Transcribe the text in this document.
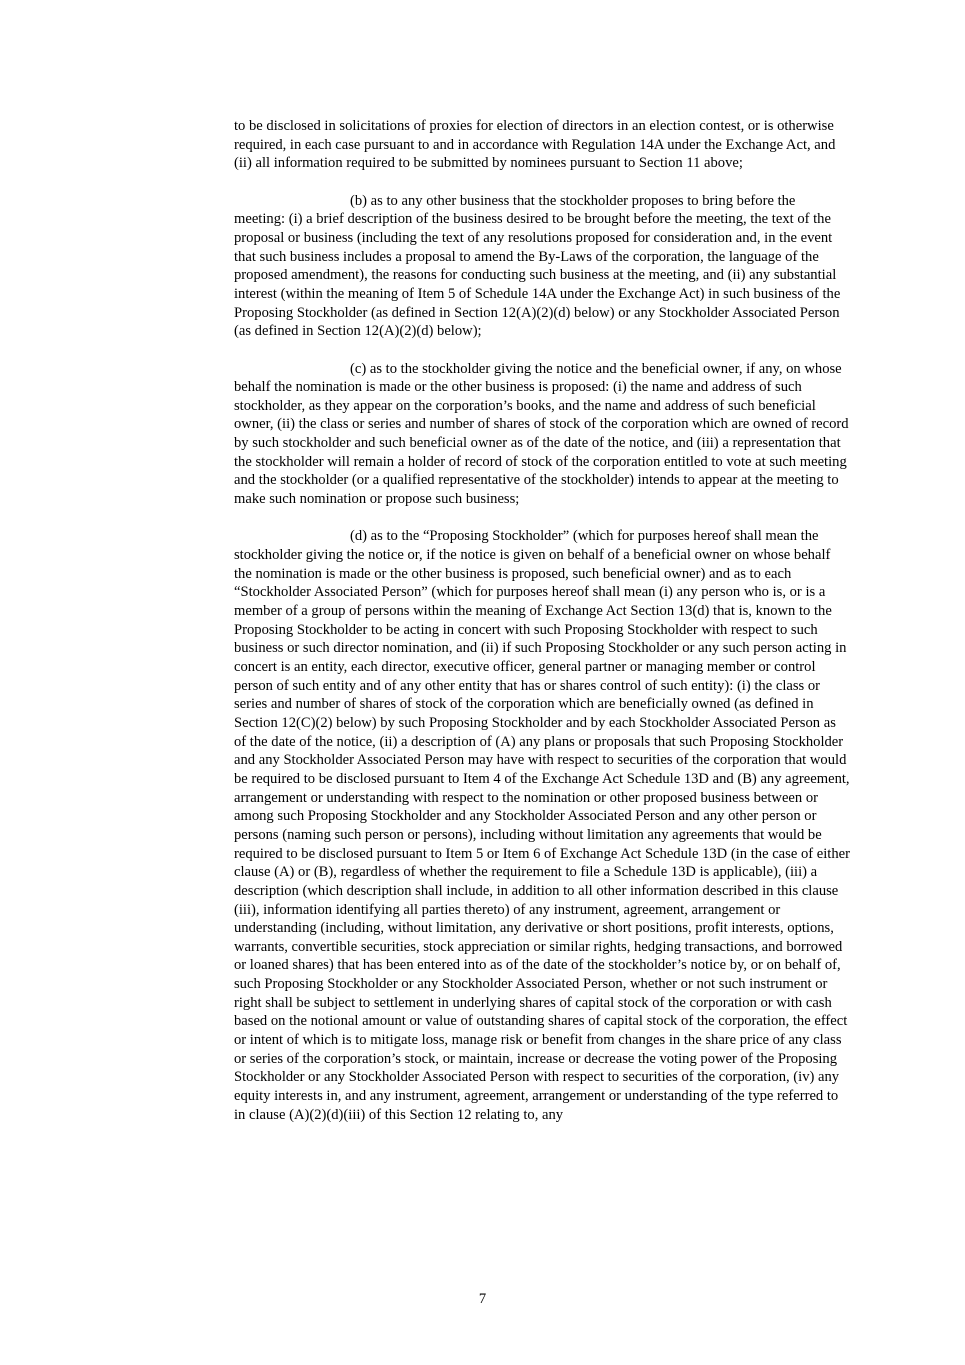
to be disclosed in solicitations of proxies for election of directors in an election contest, or is otherwise required, in each case pursuant to and in accordance with Regulation 14A under the Exchange Act, and (ii) all information required to be submitted by nominees pursuant to Section 11 above;

(b) as to any other business that the stockholder proposes to bring before the meeting: (i) a brief description of the business desired to be brought before the meeting, the text of the proposal or business (including the text of any resolutions proposed for consideration and, in the event that such business includes a proposal to amend the By-Laws of the corporation, the language of the proposed amendment), the reasons for conducting such business at the meeting, and (ii) any substantial interest (within the meaning of Item 5 of Schedule 14A under the Exchange Act) in such business of the Proposing Stockholder (as defined in Section 12(A)(2)(d) below) or any Stockholder Associated Person (as defined in Section 12(A)(2)(d) below);

(c) as to the stockholder giving the notice and the beneficial owner, if any, on whose behalf the nomination is made or the other business is proposed: (i) the name and address of such stockholder, as they appear on the corporation’s books, and the name and address of such beneficial owner, (ii) the class or series and number of shares of stock of the corporation which are owned of record by such stockholder and such beneficial owner as of the date of the notice, and (iii) a representation that the stockholder will remain a holder of record of stock of the corporation entitled to vote at such meeting and the stockholder (or a qualified representative of the stockholder) intends to appear at the meeting to make such nomination or propose such business;

(d) as to the “Proposing Stockholder” (which for purposes hereof shall mean the stockholder giving the notice or, if the notice is given on behalf of a beneficial owner on whose behalf the nomination is made or the other business is proposed, such beneficial owner) and as to each “Stockholder Associated Person” (which for purposes hereof shall mean (i) any person who is, or is a member of a group of persons within the meaning of Exchange Act Section 13(d) that is, known to the Proposing Stockholder to be acting in concert with such Proposing Stockholder with respect to such business or such director nomination, and (ii) if such Proposing Stockholder or any such person acting in concert is an entity, each director, executive officer, general partner or managing member or control person of such entity and of any other entity that has or shares control of such entity): (i) the class or series and number of shares of stock of the corporation which are beneficially owned (as defined in Section 12(C)(2) below) by such Proposing Stockholder and by each Stockholder Associated Person as of the date of the notice, (ii) a description of (A) any plans or proposals that such Proposing Stockholder and any Stockholder Associated Person may have with respect to securities of the corporation that would be required to be disclosed pursuant to Item 4 of the Exchange Act Schedule 13D and (B) any agreement, arrangement or understanding with respect to the nomination or other proposed business between or among such Proposing Stockholder and any Stockholder Associated Person and any other person or persons (naming such person or persons), including without limitation any agreements that would be required to be disclosed pursuant to Item 5 or Item 6 of Exchange Act Schedule 13D (in the case of either clause (A) or (B), regardless of whether the requirement to file a Schedule 13D is applicable), (iii) a description (which description shall include, in addition to all other information described in this clause (iii), information identifying all parties thereto) of any instrument, agreement, arrangement or understanding (including, without limitation, any derivative or short positions, profit interests, options, warrants, convertible securities, stock appreciation or similar rights, hedging transactions, and borrowed or loaned shares) that has been entered into as of the date of the stockholder’s notice by, or on behalf of, such Proposing Stockholder or any Stockholder Associated Person, whether or not such instrument or right shall be subject to settlement in underlying shares of capital stock of the corporation or with cash based on the notional amount or value of outstanding shares of capital stock of the corporation, the effect or intent of which is to mitigate loss, manage risk or benefit from changes in the share price of any class or series of the corporation’s stock, or maintain, increase or decrease the voting power of the Proposing Stockholder or any Stockholder Associated Person with respect to securities of the corporation, (iv) any equity interests in, and any instrument, agreement, arrangement or understanding of the type referred to in clause (A)(2)(d)(iii) of this Section 12 relating to, any

7
